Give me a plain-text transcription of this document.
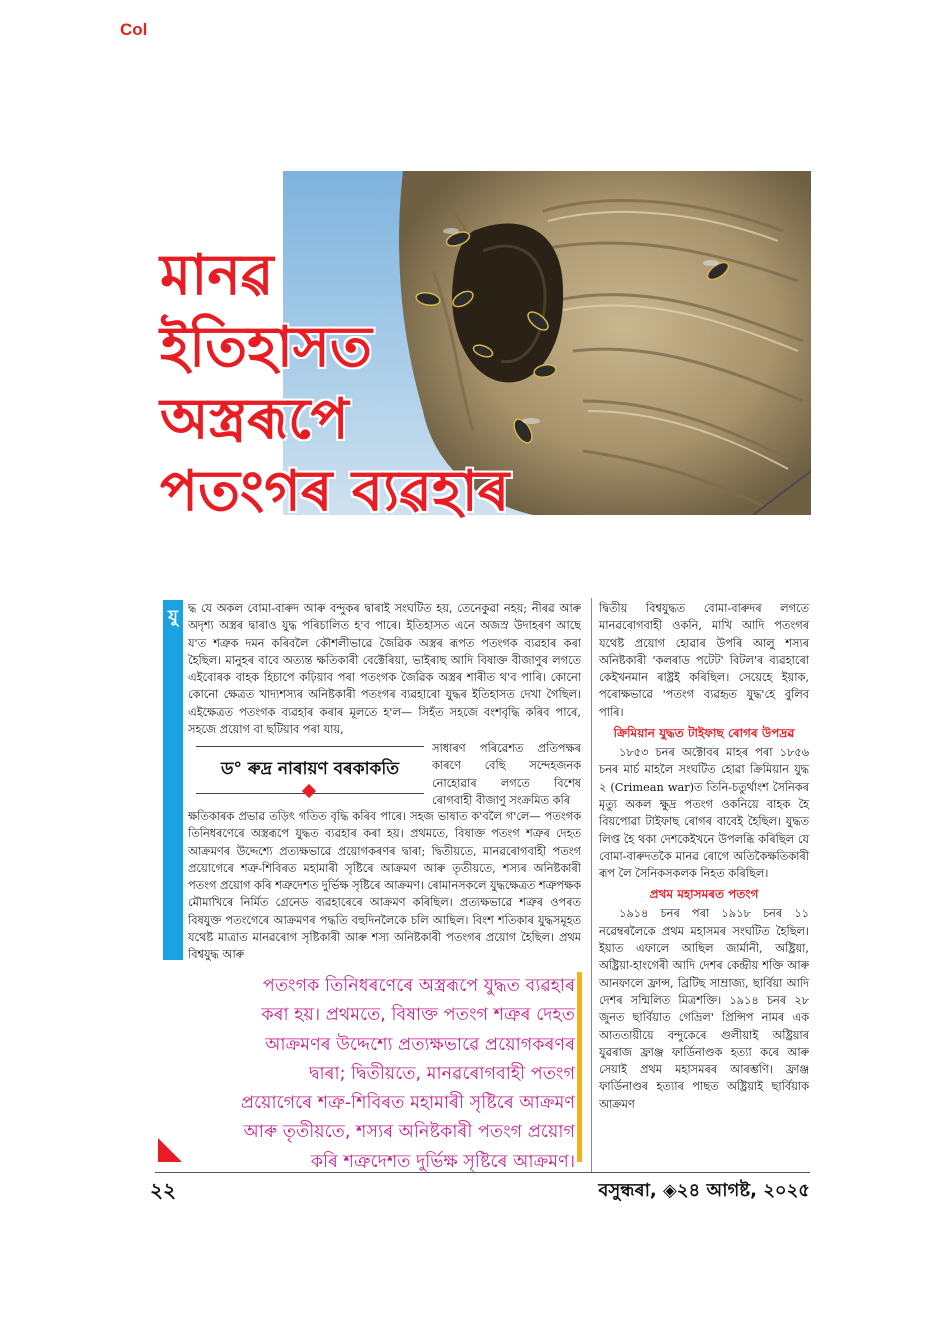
Col
মানৱ
ইতিহাসত
অস্ত্ৰৰূপে
পতংগৰ ব্যৱহাৰ
যু দ্ধ যে অকল বোমা-বাৰুদ আৰু বন্দুকৰ দ্বাৰাই সংঘটিত হয়, তেনেকুৱা নহয়; নীৰৱ আৰু অদৃশ্য অস্ত্ৰৰ দ্বাৰাও যুদ্ধ পৰিচালিত হ'ব পাৰে। ইতিহাসত এনে অজস্ৰ উদাহৰণ আছে য'ত শত্ৰুক দমন কৰিবলৈ কৌশলীভাৱে জৈৱিক অস্ত্ৰৰ ৰূপত পতংগক ব্যৱহাৰ কৰা হৈছিল। মানুহৰ বাবে অত্যন্ত ক্ষতিকাৰী বেক্টেৰিয়া, ভাইৰাছ আদি বিষাক্ত বীজাণুৰ লগতে এইবোৰক বাহক হিচাপে কঢ়িয়াব পৰা পতংগক জৈৱিক অস্ত্ৰৰ শাৰীত থ'ব পাৰি। কোনো কোনো ক্ষেত্ৰত খাদ্যশস্যৰ অনিষ্টকাৰী পতংগৰ ব্যৱহাৰো যুদ্ধৰ ইতিহাসত দেখা গৈছিল। এইক্ষেত্ৰত পতংগক ব্যৱহাৰ কৰাৰ মূলতে হ'ল— সিহঁত সহজে বংশবৃদ্ধি কৰিব পাৰে, সহজে প্ৰয়োগ বা ছটিয়াব পৰা যায়,

ড° ৰুদ্ৰ নাৰায়ণ বৰকাকতি

সাধাৰণ পৰিৱেশত প্ৰতিপক্ষৰ কাৰণে বেছি সন্দেহজনক নোহোৱাৰ লগতে বিশেষ ৰোগবাহী বীজাণু সংক্ৰমিত কৰি

ক্ষতিকাৰক প্ৰভাৱ তড়িৎ গতিত বৃদ্ধি কৰিব পাৰে। সহজ ভাষাত ক'বলৈ গ'লে— পতংগক তিনিধৰণেৰে অস্ত্ৰৰূপে যুদ্ধত ব্যৱহাৰ কৰা হয়। প্ৰথমতে, বিষাক্ত পতংগ শত্ৰুৰ দেহত আক্ৰমণৰ উদ্দেশ্যে প্ৰত্যক্ষভাৱে প্ৰয়োগকৰণৰ দ্বাৰা; দ্বিতীয়তে, মানৱৰোগবাহী পতংগ প্ৰয়োগেৰে শত্ৰু-শিবিৰত মহামাৰী সৃষ্টিৰে আক্ৰমণ আৰু তৃতীয়তে, শস্যৰ অনিষ্টকাৰী পতংগ প্ৰয়োগ কৰি শত্ৰুদেশত দুৰ্ভিক্ষ সৃষ্টিৰে আক্ৰমণ। ৰোমানসকলে যুদ্ধক্ষেত্ৰত শত্ৰুপক্ষক মৌমাখিৰে নিৰ্মিত গ্ৰেনেড ব্যৱহাৰেৰে আক্ৰমণ কৰিছিল। প্ৰত্যক্ষভাৱে শত্ৰুৰ ওপৰত বিষযুক্ত পতংগেৰে আক্ৰমণৰ পদ্ধতি বহুদিনলৈকে চলি আছিল। বিংশ শতিকাৰ যুদ্ধসমূহত যথেষ্ট মাত্ৰাত মানৱৰোগ সৃষ্টিকাৰী আৰু শস্য অনিষ্টকাৰী পতংগৰ প্ৰয়োগ হৈছিল। প্ৰথম বিশ্বযুদ্ধ আৰু

দ্বিতীয় বিশ্বযুদ্ধত বোমা-বাৰুদৰ লগতে মানৱৰোগবাহী ওকনি, মাখি আদি পতংগৰ যথেষ্ট প্ৰয়োগ হোৱাৰ উপৰি আলু শস্যৰ অনিষ্টকাৰী 'কলৰাড পটেট' বিটল'ৰ ব্যৱহাৰো কেইখনমান ৰাষ্ট্ৰই কৰিছিল। সেয়েহে ইয়াক, পৰোক্ষভাৱে 'পতংগ ব্যৱহৃত যুদ্ধ'হে বুলিব পাৰি।

ক্ৰিমিয়ান যুদ্ধত টাইফাছ ৰোগৰ উপদ্ৰৱ

১৮৫৩ চনৰ অক্টোবৰ মাহৰ পৰা ১৮৫৬ চনৰ মাৰ্চ মাহলৈ সংঘটিত হোৱা ক্ৰিমিয়ান যুদ্ধ ২ (Crimean war)ত তিনি-চতুৰ্থাংশ সৈনিকৰ মৃত্যু অকল ক্ষুদ্ৰ পতংগ ওকনিয়ে বাহক হৈ বিয়পোৱা টাইফাছ ৰোগৰ বাবেই হৈছিল। যুদ্ধত লিপ্ত হৈ থকা দেশকেইখনে উপলব্ধি কৰিছিল যে বোমা-বাৰুদতকৈ মানৱ ৰোগে অতিকৈক্ষতিকাৰী ৰূপ লৈ সৈনিকসকলক নিহত কৰিছিল।

প্ৰথম মহাসমৰত পতংগ

১৯১৪ চনৰ পৰা ১৯১৮ চনৰ ১১ নৱেম্বৰলৈকে প্ৰথম মহাসমৰ সংঘটিত হৈছিল। ইয়াত এফালে আছিল জাৰ্মানী, অষ্ট্ৰিয়া, অষ্ট্ৰিয়া-হাংগেৰী আদি দেশৰ কেন্দ্ৰীয় শক্তি আৰু আনফালে ফ্ৰান্স, ব্ৰিটিছ সাম্ৰাজ্য, ছাৰ্বিয়া আদি দেশৰ সন্মিলিত মিত্ৰশক্তি। ১৯১৪ চনৰ ২৮ জুনত ছাৰ্বিয়াত গেভ্ৰিল' প্ৰিন্সিপ নামৰ এক আততায়ীয়ে বন্দুকেৰে গুলীয়াই অষ্ট্ৰিয়াৰ যুৱৰাজ ফ্ৰাঞ্জ ফাৰ্ডিনাণ্ডক হত্যা কৰে আৰু সেয়াই প্ৰথম মহাসমৰৰ আৰম্ভণি। ফ্ৰাঞ্জ ফাৰ্ডিনাণ্ডৰ হত্যাৰ পাছত অষ্ট্ৰিয়াই ছাৰ্বিয়াক আক্ৰমণ

পতংগক তিনিধৰণেৰে অস্ত্ৰৰূপে যুদ্ধত ব্যৱহাৰ
কৰা হয়। প্ৰথমতে, বিষাক্ত পতংগ শত্ৰুৰ দেহত
আক্ৰমণৰ উদ্দেশ্যে প্ৰত্যক্ষভাৱে প্ৰয়োগকৰণৰ
দ্বাৰা; দ্বিতীয়তে, মানৱৰোগবাহী পতংগ
প্ৰয়োগেৰে শত্ৰু-শিবিৰত মহামাৰী সৃষ্টিৰে আক্ৰমণ
আৰু তৃতীয়তে, শস্যৰ অনিষ্টকাৰী পতংগ প্ৰয়োগ
কৰি শত্ৰুদেশত দুৰ্ভিক্ষ সৃষ্টিৰে আক্ৰমণ।
২২	বসুন্ধৰা, ◈২৪ আগষ্ট, ২০২৫
